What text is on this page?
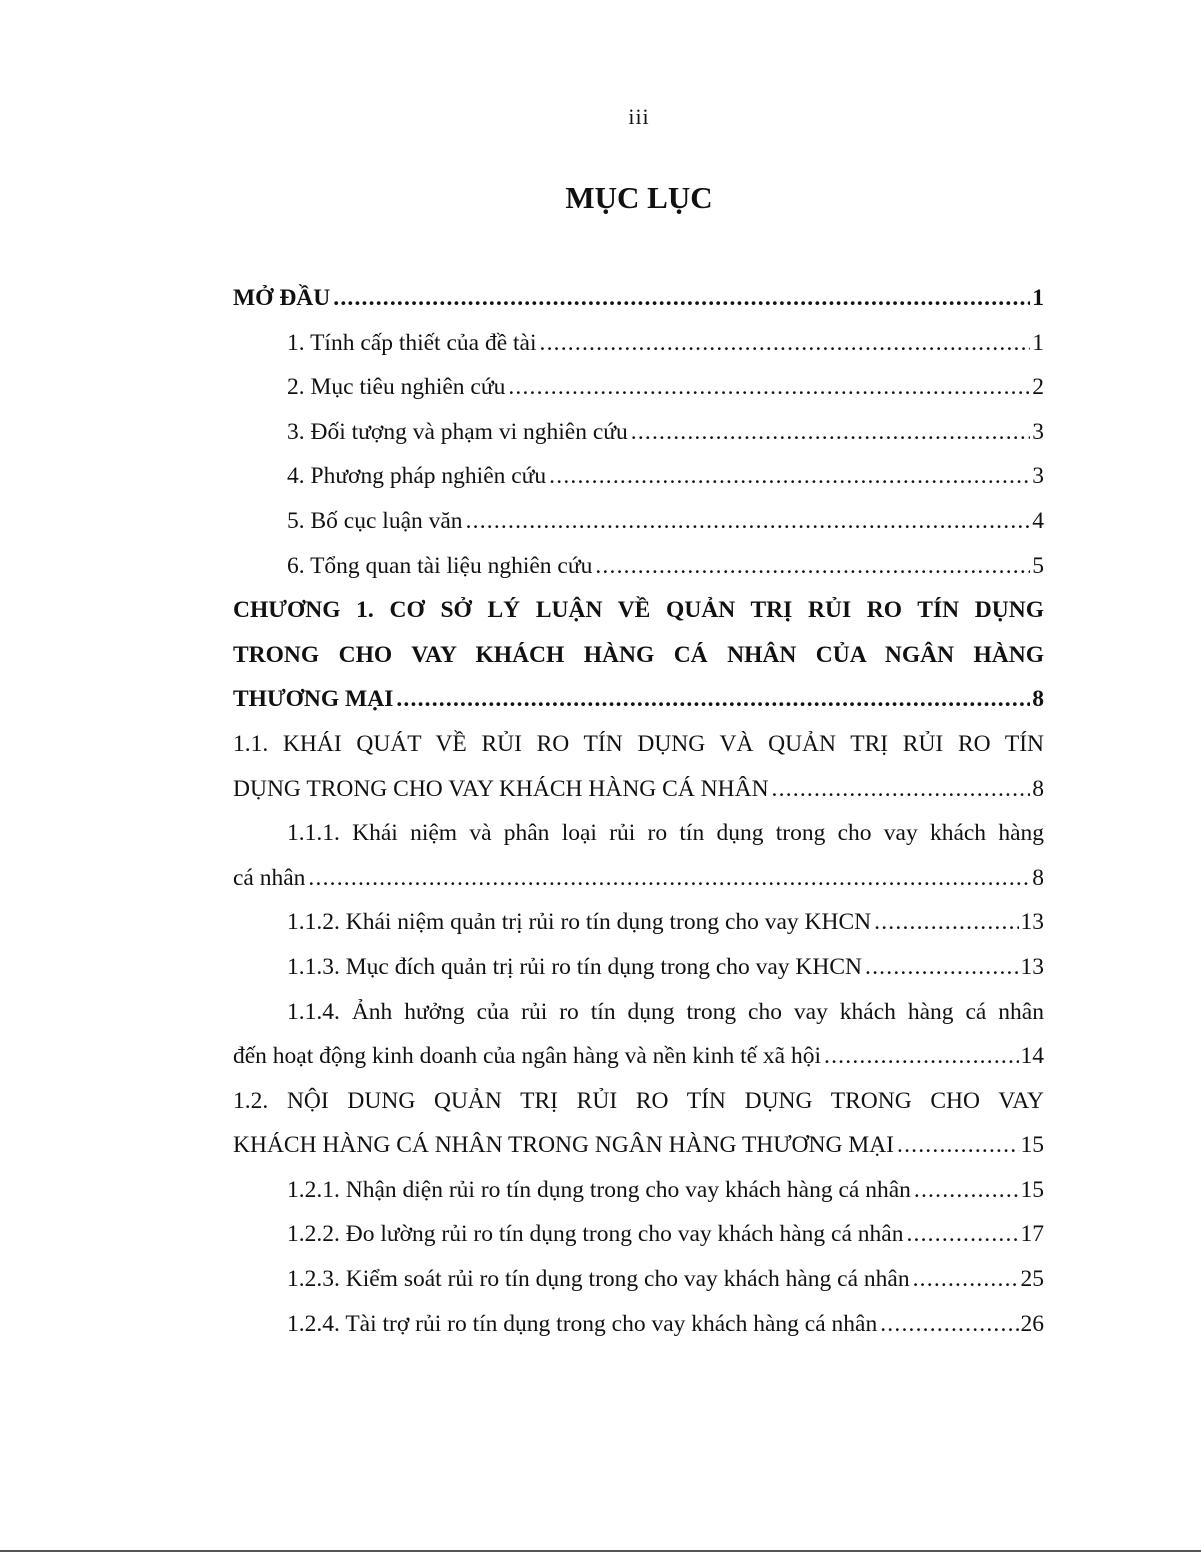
iii
MỤC LỤC
MỞ ĐẦU .....	1
1. Tính cấp thiết của đề tài .....	1
2. Mục tiêu nghiên cứu .....	2
3. Đối tượng và phạm vi nghiên cứu .....	3
4. Phương pháp nghiên cứu .....	3
5. Bố cục luận văn .....	4
6. Tổng quan tài liệu nghiên cứu .....	5
CHƯƠNG 1. CƠ SỞ LÝ LUẬN VỀ QUẢN TRỊ RỦI RO TÍN DỤNG
TRONG CHO VAY KHÁCH HÀNG CÁ NHÂN CỦA NGÂN HÀNG
THƯƠNG MẠI .....	8
1.1. KHÁI QUÁT VỀ RỦI RO TÍN DỤNG VÀ QUẢN TRỊ RỦI RO TÍN
DỤNG TRONG CHO VAY KHÁCH HÀNG CÁ NHÂN .....	8
1.1.1. Khái niệm và phân loại rủi ro tín dụng trong cho vay khách hàng
cá nhân .....	8
1.1.2. Khái niệm quản trị rủi ro tín dụng trong cho vay KHCN .....	13
1.1.3. Mục đích quản trị rủi ro tín dụng trong cho vay KHCN .....	13
1.1.4. Ảnh hưởng của rủi ro tín dụng trong cho vay khách hàng cá nhân
đến hoạt động kinh doanh của ngân hàng và nền kinh tế xã hội .....	14
1.2. NỘI DUNG QUẢN TRỊ RỦI RO TÍN DỤNG TRONG CHO VAY
KHÁCH HÀNG CÁ NHÂN TRONG NGÂN HÀNG THƯƠNG MẠI .....	15
1.2.1. Nhận diện rủi ro tín dụng trong cho vay khách hàng cá nhân .....	15
1.2.2. Đo lường rủi ro tín dụng trong cho vay khách hàng cá nhân .....	17
1.2.3. Kiểm soát rủi ro tín dụng trong cho vay khách hàng cá nhân .....	25
1.2.4. Tài trợ rủi ro tín dụng trong cho vay khách hàng cá nhân .....	26
